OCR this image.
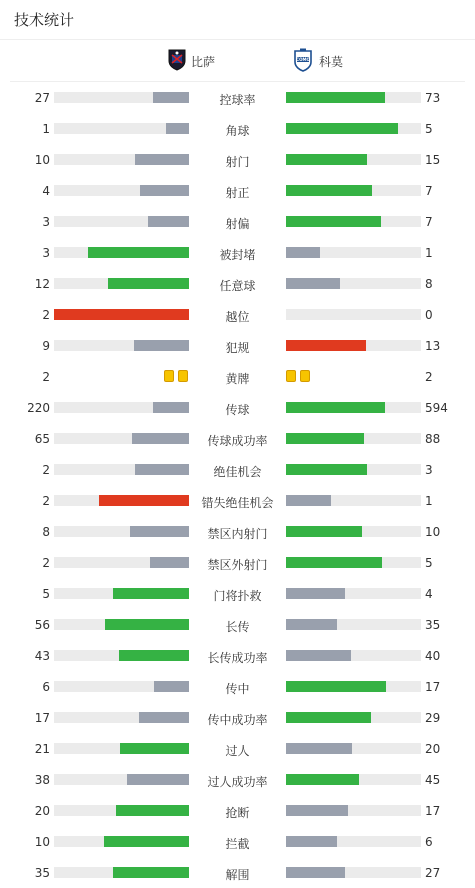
技术统计
比萨	COMO 科莫
27	控球率	73
1	角球	5
10	射门	15
4	射正	7
3	射偏	7
3	被封堵	1
12	任意球	8
2	越位	0
9	犯规	13
2	黄牌	2
220	传球	594
65	传球成功率	88
2	绝佳机会	3
2	错失绝佳机会	1
8	禁区内射门	10
2	禁区外射门	5
5	门将扑救	4
56	长传	35
43	长传成功率	40
6	传中	17
17	传中成功率	29
21	过人	20
38	过人成功率	45
20	抢断	17
10	拦截	6
35	解围	27
